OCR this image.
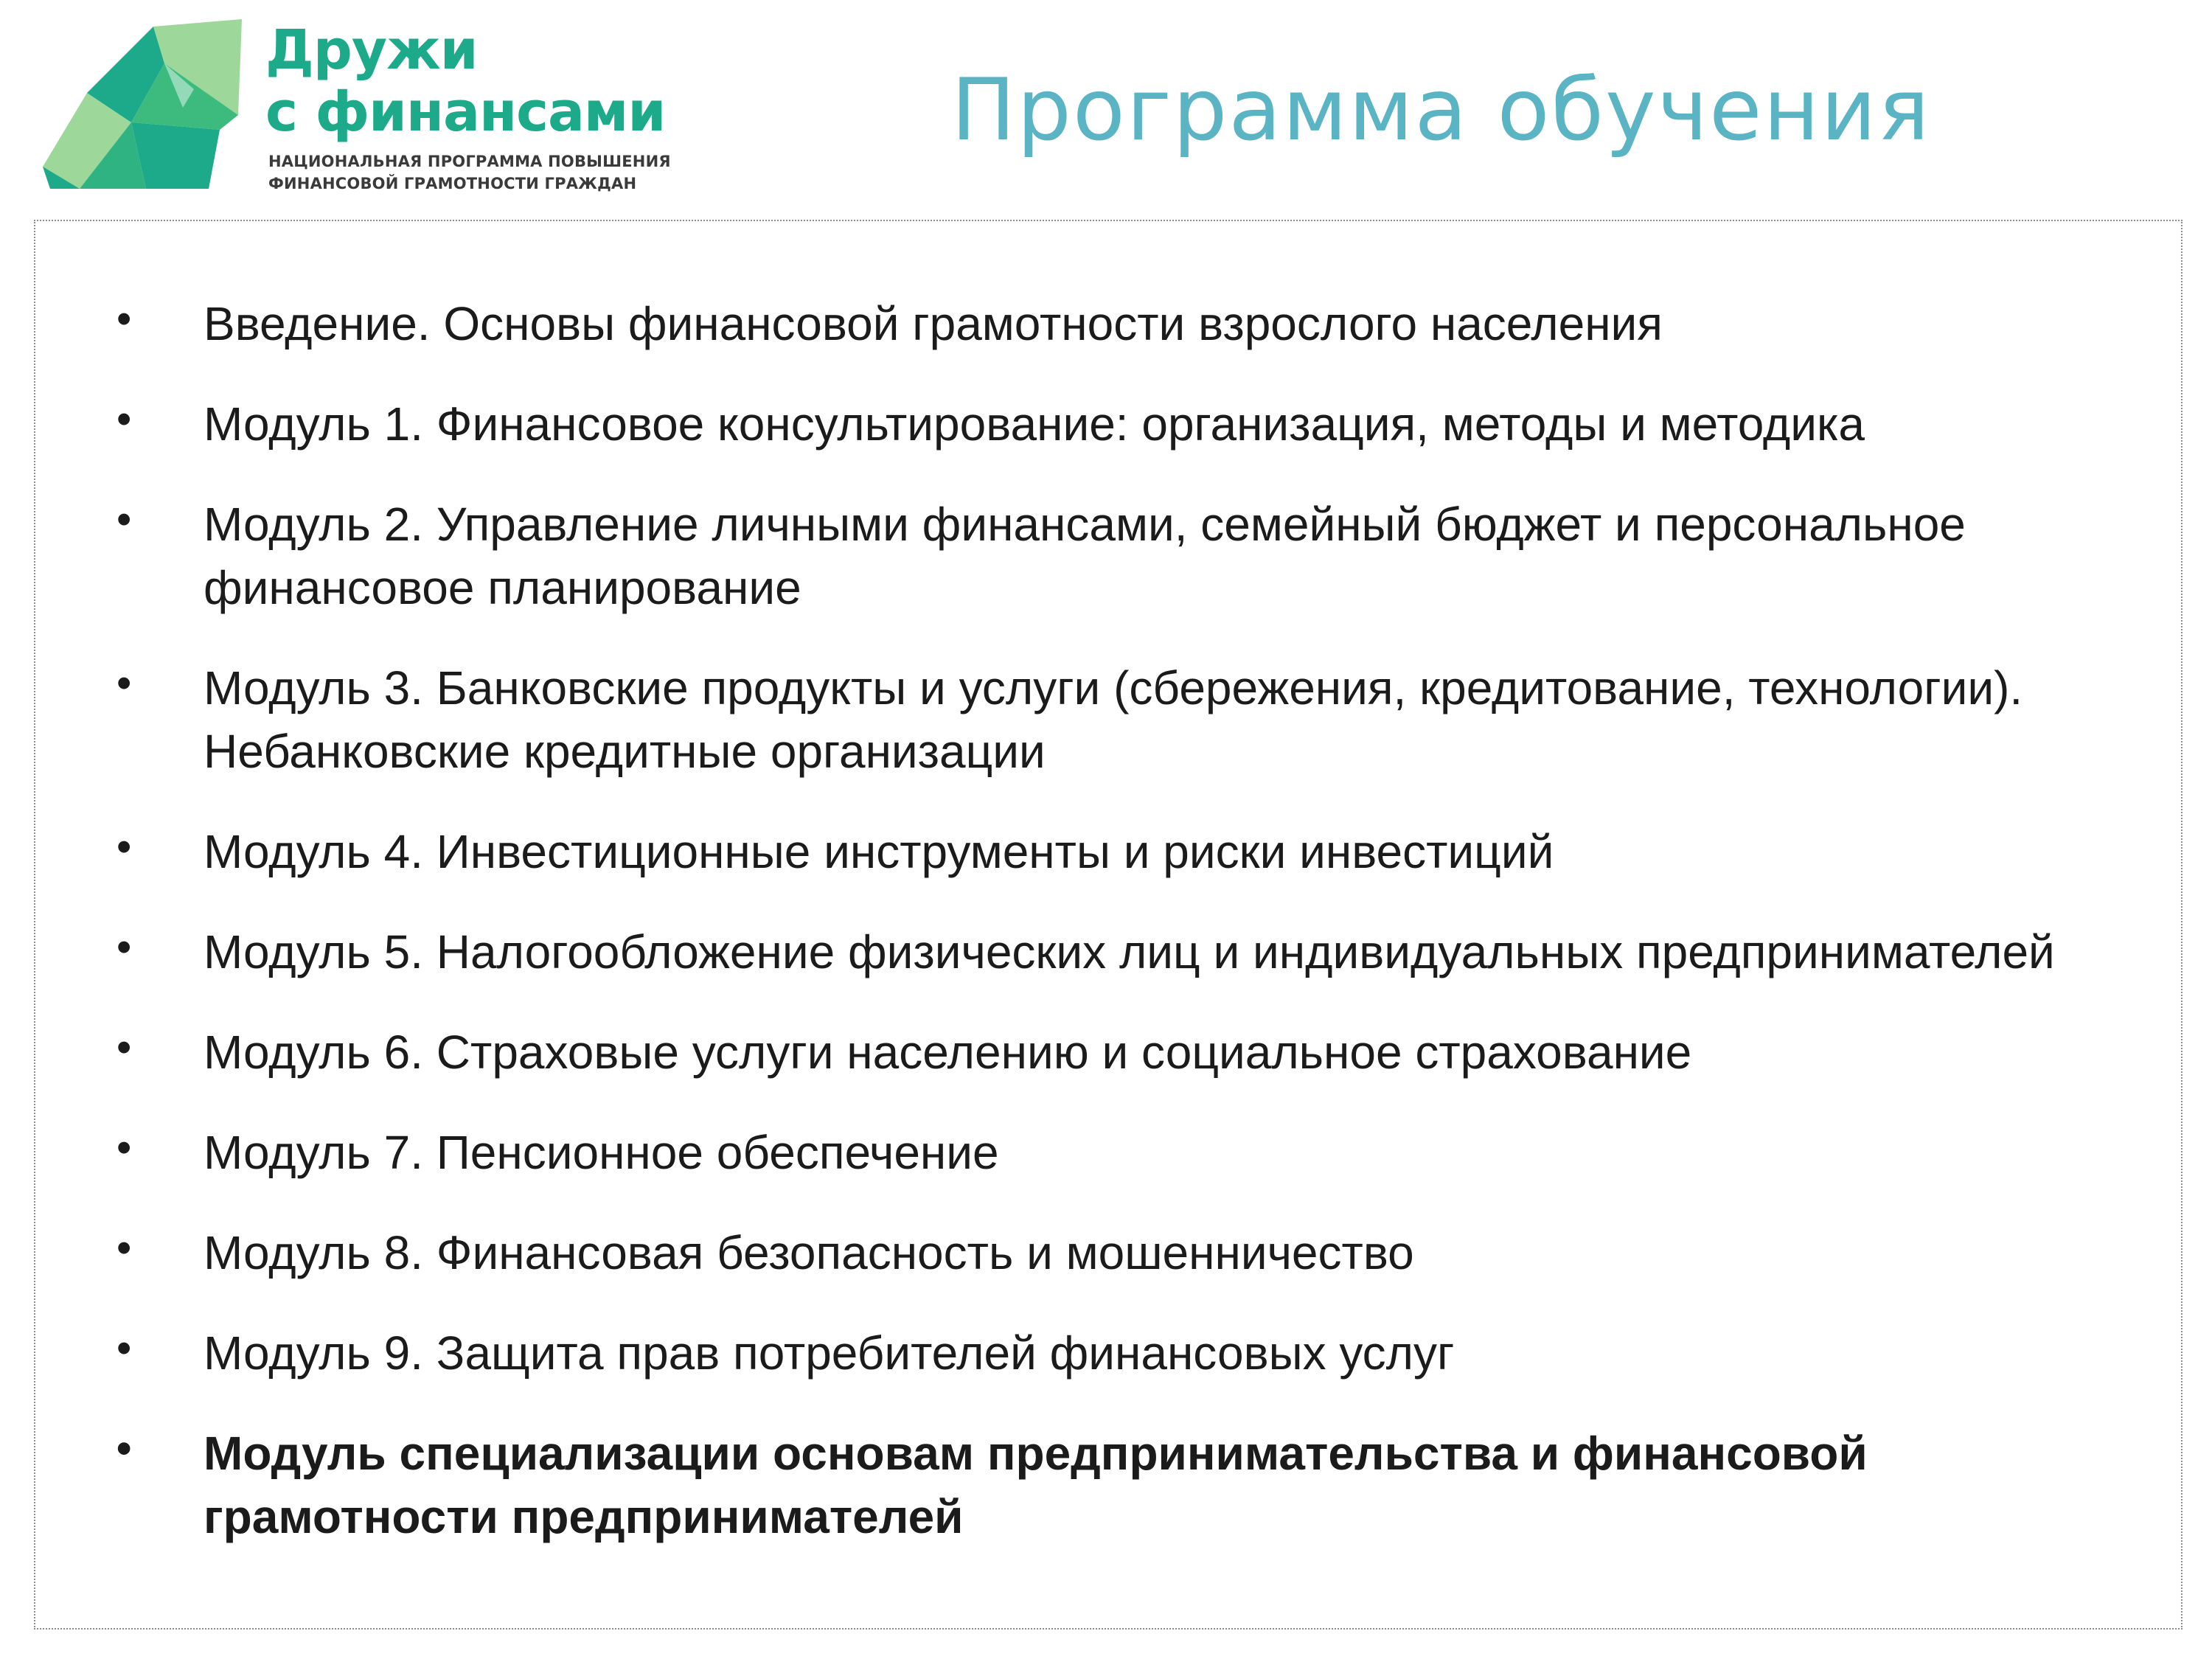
Дружи
с финансами
НАЦИОНАЛЬНАЯ ПРОГРАММА ПОВЫШЕНИЯ
ФИНАНСОВОЙ ГРАМОТНОСТИ ГРАЖДАН
Программа обучения
• Введение. Основы финансовой грамотности взрослого населения
• Модуль 1. Финансовое консультирование: организация, методы и методика
• Модуль 2. Управление личными финансами, семейный бюджет и персональное финансовое планирование
• Модуль 3. Банковские продукты и услуги (сбережения, кредитование, технологии). Небанковские кредитные организации
• Модуль 4. Инвестиционные инструменты и риски инвестиций
• Модуль 5. Налогообложение физических лиц и индивидуальных предпринимателей
• Модуль 6. Страховые услуги населению и социальное страхование
• Модуль 7. Пенсионное обеспечение
• Модуль 8. Финансовая безопасность и мошенничество
• Модуль 9. Защита прав потребителей финансовых услуг
• Модуль специализации основам предпринимательства и финансовой грамотности предпринимателей
